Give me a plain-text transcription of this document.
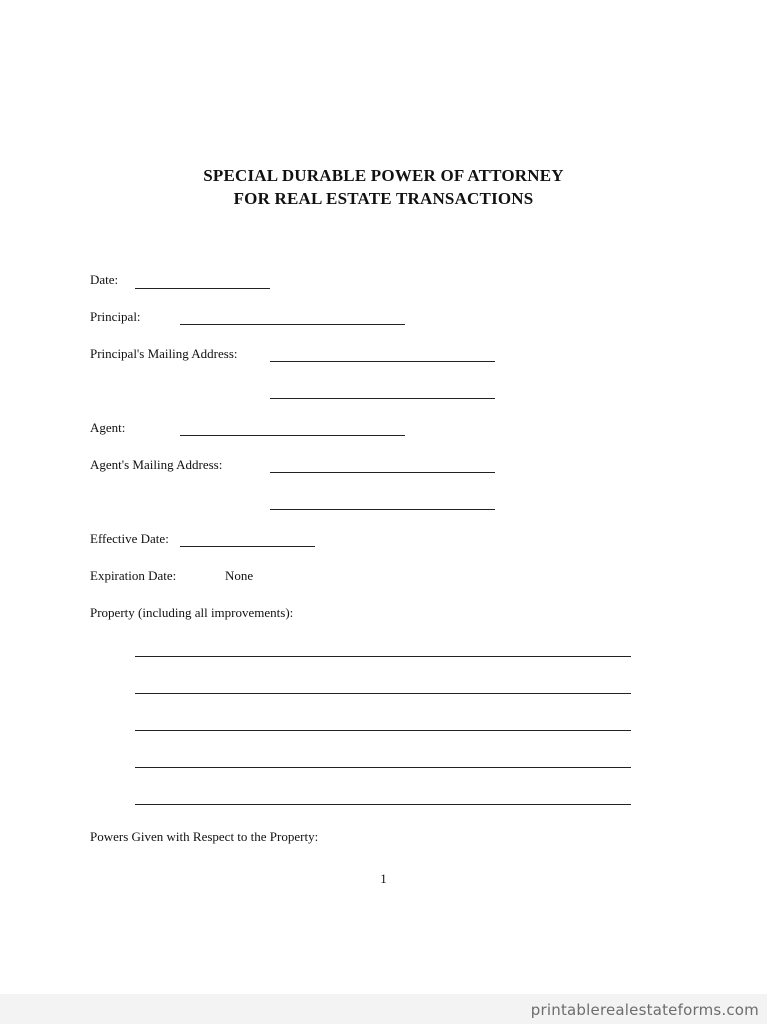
SPECIAL DURABLE POWER OF ATTORNEY
FOR REAL ESTATE TRANSACTIONS
Date:
Principal:
Principal's Mailing Address:
Agent:
Agent's Mailing Address:
Effective Date:
Expiration Date:	None
Property (including all improvements):
Powers Given with Respect to the Property:
1
printablerealestateforms.com
